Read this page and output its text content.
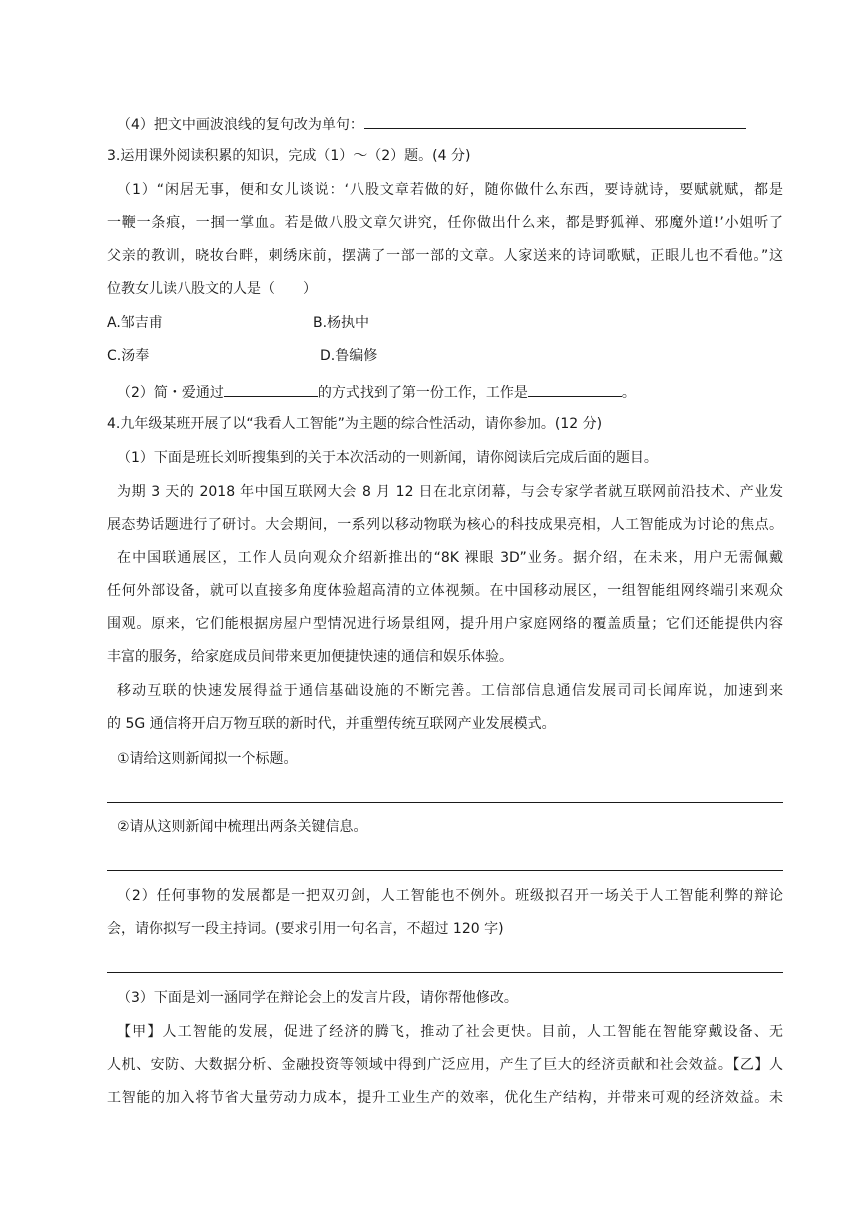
（4）把文中画波浪线的复句改为单句：
3.运用课外阅读积累的知识，完成（1）～（2）题。(4 分)
（1）“闲居无事，便和女儿谈说：‘八股文章若做的好，随你做什么东西，要诗就诗，要赋就赋，都是
一鞭一条痕，一掴一掌血。若是做八股文章欠讲究，任你做出什么来，都是野狐禅、邪魔外道!’小姐听了
父亲的教训，晓妆台畔，刺绣床前，摆满了一部一部的文章。人家送来的诗词歌赋，正眼儿也不看他。”这
位教女儿读八股文的人是（　　）
A.邹吉甫	B.杨执中
C.汤奉	D.鲁编修
（2）简・爱通过	的方式找到了第一份工作，工作是	。
4.九年级某班开展了以“我看人工智能”为主题的综合性活动，请你参加。(12 分)
（1）下面是班长刘昕搜集到的关于本次活动的一则新闻，请你阅读后完成后面的题目。
为期 3 天的 2018 年中国互联网大会 8 月 12 日在北京闭幕，与会专家学者就互联网前沿技术、产业发
展态势话题进行了研讨。大会期间，一系列以移动物联为核心的科技成果亮相，人工智能成为讨论的焦点。
在中国联通展区，工作人员向观众介绍新推出的“8K 裸眼 3D”业务。据介绍，在未来，用户无需佩戴
任何外部设备，就可以直接多角度体验超高清的立体视频。在中国移动展区，一组智能组网终端引来观众
围观。原来，它们能根据房屋户型情况进行场景组网，提升用户家庭网络的覆盖质量；它们还能提供内容
丰富的服务，给家庭成员间带来更加便捷快速的通信和娱乐体验。
移动互联的快速发展得益于通信基础设施的不断完善。工信部信息通信发展司司长闻库说，加速到来
的 5G 通信将开启万物互联的新时代，并重塑传统互联网产业发展模式。
①请给这则新闻拟一个标题。
②请从这则新闻中梳理出两条关键信息。
（2）任何事物的发展都是一把双刃剑，人工智能也不例外。班级拟召开一场关于人工智能利弊的辩论
会，请你拟写一段主持词。(要求引用一句名言，不超过 120 字)
（3）下面是刘一涵同学在辩论会上的发言片段，请你帮他修改。
【甲】人工智能的发展，促进了经济的腾飞，推动了社会更快。目前，人工智能在智能穿戴设备、无
人机、安防、大数据分析、金融投资等领域中得到广泛应用，产生了巨大的经济贡献和社会效益。【乙】人
工智能的加入将节省大量劳动力成本，提升工业生产的效率，优化生产结构，并带来可观的经济效益。未
